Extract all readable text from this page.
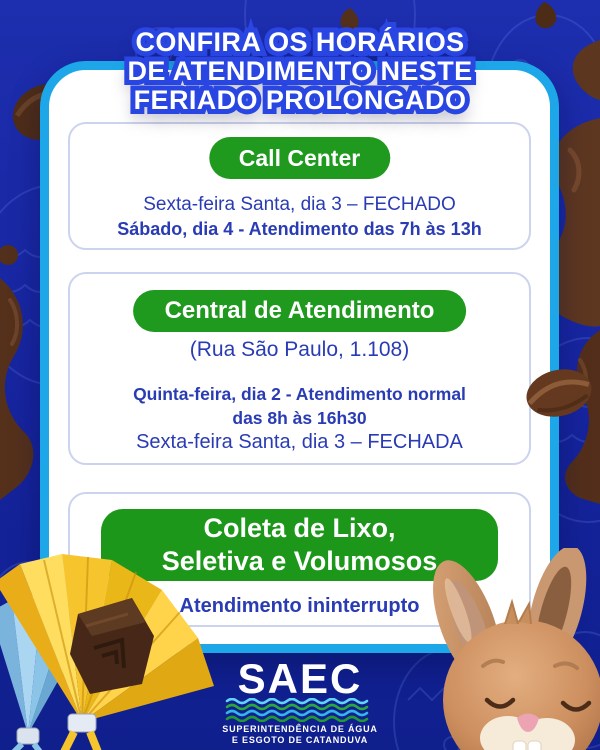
CONFIRA OS HORÁRIOS CONFIRA OS HORÁRIOS
DE ATENDIMENTO NESTE DE ATENDIMENTO NESTE
FERIADO PROLONGADO FERIADO PROLONGADO
Call Center
Sexta-feira Santa, dia 3 – FECHADO
Sábado, dia 4 - Atendimento das 7h às 13h
Central de Atendimento
(Rua São Paulo, 1.108)
Quinta-feira, dia 2 - Atendimento normal
das 8h às 16h30
Sexta-feira Santa, dia 3 – FECHADA
Coleta de Lixo, Seletiva e Volumosos
Atendimento ininterrupto
SAEC
SUPERINTENDÊNCIA DE ÁGUA
E ESGOTO DE CATANDUVA
